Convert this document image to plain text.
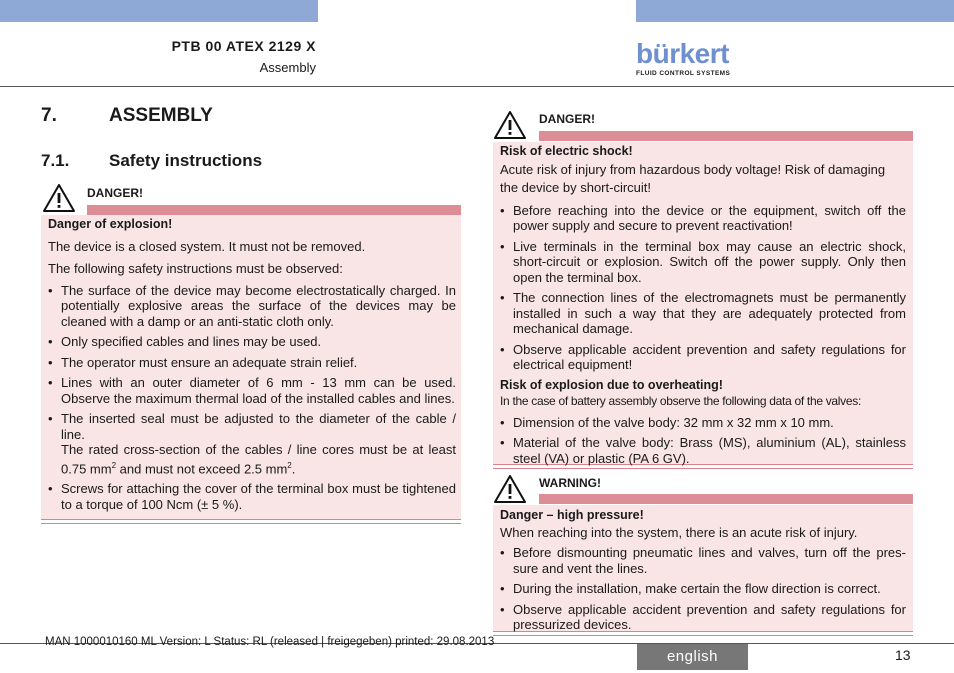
PTB 00 ATEX 2129 X
Assembly	bürkert
FLUID CONTROL SYSTEMS
7.	ASSEMBLY
7.1. Safety instructions
DANGER!

Danger of explosion!

The device is a closed system. It must not be removed.

The following safety instructions must be observed:

• The surface of the device may become electrostatically charged. In potentially explosive areas the surface of the devices may be cleaned with a damp or an anti-static cloth only.
• Only specified cables and lines may be used.
• The operator must ensure an adequate strain relief.
• Lines with an outer diameter of 6 mm - 13 mm can be used. Observe the maximum thermal load of the installed cables and lines.
• The inserted seal must be adjusted to the diameter of the cable / line.
The rated cross-section of the cables / line cores must be at least 0.75 $mm^2$ and must not exceed 2.5 $mm^2$.
• Screws for attaching the cover of the terminal box must be tightened to a torque of 100 Ncm (± 5 %).
DANGER!

Risk of electric shock!

Acute risk of injury from hazardous body voltage! Risk of damaging the device by short-circuit!

• Before reaching into the device or the equipment, switch off the power supply and secure to prevent reactivation!
• Live terminals in the terminal box may cause an electric shock, short-circuit or explosion. Switch off the power supply. Only then open the terminal box.
• The connection lines of the electromagnets must be permanently installed in such a way that they are adequately protected from mechanical damage.
• Observe applicable accident prevention and safety regulations for electrical equipment!

Risk of explosion due to overheating!

In the case of battery assembly observe the following data of the valves:

• Dimension of the valve body: 32 mm x 32 mm x 10 mm.
• Material of the valve body: Brass (MS), aluminium (AL), stainless steel (VA) or plastic (PA 6 GV).
WARNING!

Danger – high pressure!

When reaching into the system, there is an acute risk of injury.

• Before dismounting pneumatic lines and valves, turn off the pres-sure and vent the lines.
• During the installation, make certain the flow direction is correct.
• Observe applicable accident prevention and safety regulations for pressurized devices.
MAN 1000010160 ML Version: L Status: RL (released | freigegeben) printed: 29.08.2013
english	13
